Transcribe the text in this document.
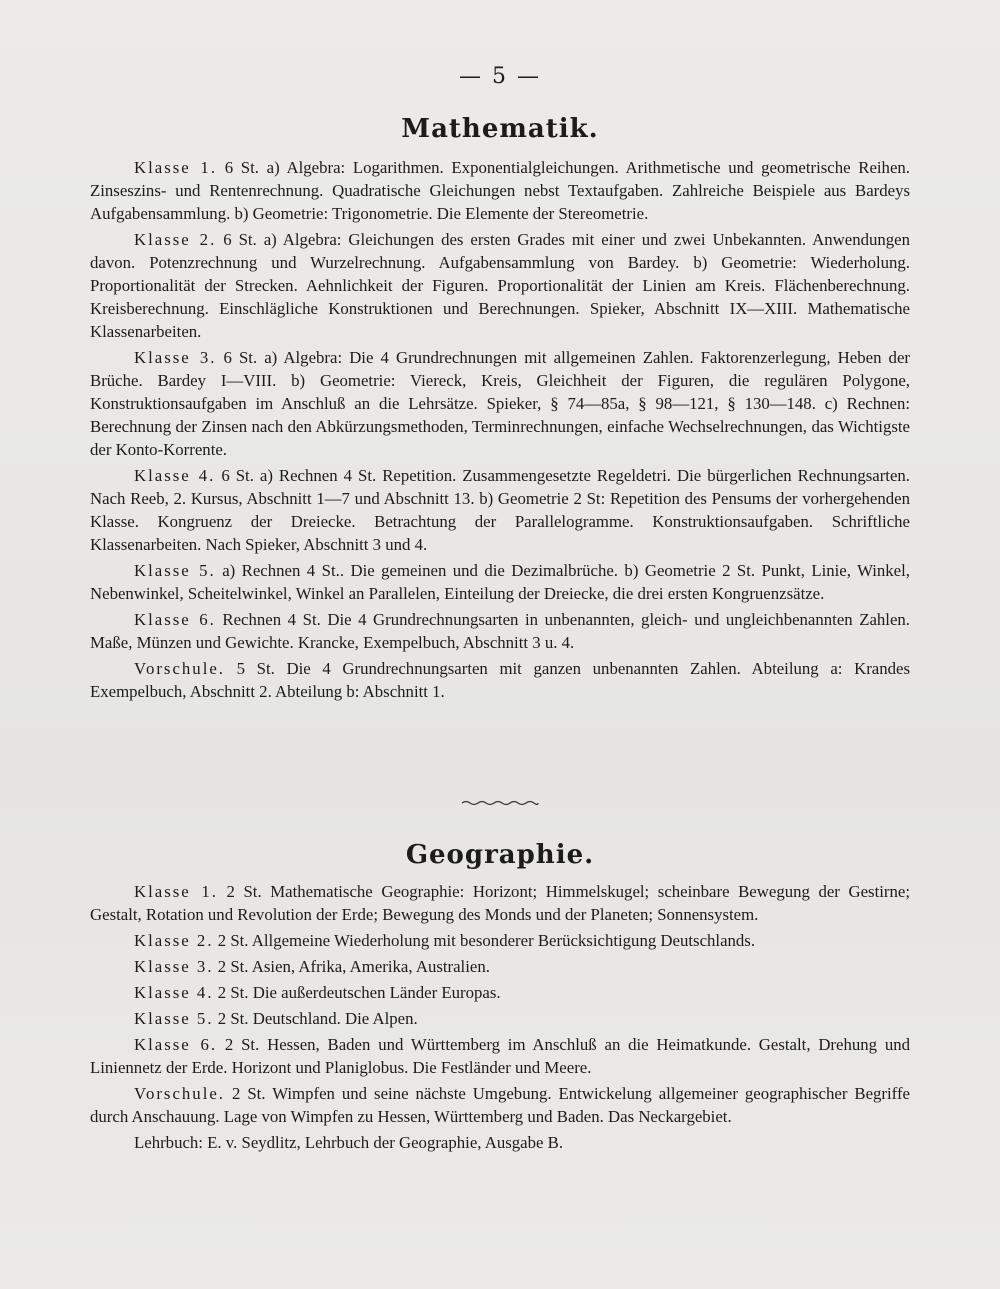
— 5 —
Mathematik.

Klasse 1. 6 St. a) Algebra: Logarithmen. Exponentialgleichungen. Arithmetische und geometrische Reihen. Zinseszins- und Rentenrechnung. Quadratische Gleichungen nebst Textaufgaben. Zahlreiche Beispiele aus Bardeys Aufgabensammlung. b) Geometrie: Trigonometrie. Die Elemente der Stereometrie.

Klasse 2. 6 St. a) Algebra: Gleichungen des ersten Grades mit einer und zwei Unbekannten. Anwendungen davon. Potenzrechnung und Wurzelrechnung. Aufgabensammlung von Bardey. b) Geometrie: Wiederholung. Proportionalität der Strecken. Aehnlichkeit der Figuren. Proportionalität der Linien am Kreis. Flächenberechnung. Kreisberechnung. Einschlägliche Konstruktionen und Berechnungen. Spieker, Abschnitt IX—XIII. Mathematische Klassenarbeiten.

Klasse 3. 6 St. a) Algebra: Die 4 Grundrechnungen mit allgemeinen Zahlen. Faktorenzerlegung, Heben der Brüche. Bardey I—VIII. b) Geometrie: Viereck, Kreis, Gleichheit der Figuren, die regulären Polygone, Konstruktionsaufgaben im Anschluß an die Lehrsätze. Spieker, § 74—85a, § 98—121, § 130—148. c) Rechnen: Berechnung der Zinsen nach den Abkürzungsmethoden, Terminrechnungen, einfache Wechselrechnungen, das Wichtigste der Konto-Korrente.

Klasse 4. 6 St. a) Rechnen 4 St. Repetition. Zusammengesetzte Regeldetri. Die bürgerlichen Rechnungsarten. Nach Reeb, 2. Kursus, Abschnitt 1—7 und Abschnitt 13. b) Geometrie 2 St: Repetition des Pensums der vorhergehenden Klasse. Kongruenz der Dreiecke. Betrachtung der Parallelogramme. Konstruktionsaufgaben. Schriftliche Klassenarbeiten. Nach Spieker, Abschnitt 3 und 4.

Klasse 5. a) Rechnen 4 St.. Die gemeinen und die Dezimalbrüche. b) Geometrie 2 St. Punkt, Linie, Winkel, Nebenwinkel, Scheitelwinkel, Winkel an Parallelen, Einteilung der Dreiecke, die drei ersten Kongruenzsätze.

Klasse 6. Rechnen 4 St. Die 4 Grundrechnungsarten in unbenannten, gleich- und ungleichbenannten Zahlen. Maße, Münzen und Gewichte. Krancke, Exempelbuch, Abschnitt 3 u. 4.

Vorschule. 5 St. Die 4 Grundrechnungsarten mit ganzen unbenannten Zahlen. Abteilung a: Krandes Exempelbuch, Abschnitt 2. Abteilung b: Abschnitt 1.

Geographie.

Klasse 1. 2 St. Mathematische Geographie: Horizont; Himmelskugel; scheinbare Bewegung der Gestirne; Gestalt, Rotation und Revolution der Erde; Bewegung des Monds und der Planeten; Sonnensystem.

Klasse 2. 2 St. Allgemeine Wiederholung mit besonderer Berücksichtigung Deutschlands.

Klasse 3. 2 St. Asien, Afrika, Amerika, Australien.

Klasse 4. 2 St. Die außerdeutschen Länder Europas.

Klasse 5. 2 St. Deutschland. Die Alpen.

Klasse 6. 2 St. Hessen, Baden und Württemberg im Anschluß an die Heimatkunde. Gestalt, Drehung und Liniennetz der Erde. Horizont und Planiglobus. Die Festländer und Meere.

Vorschule. 2 St. Wimpfen und seine nächste Umgebung. Entwickelung allgemeiner geographischer Begriffe durch Anschauung. Lage von Wimpfen zu Hessen, Württemberg und Baden. Das Neckargebiet.

Lehrbuch: E. v. Seydlitz, Lehrbuch der Geographie, Ausgabe B.
